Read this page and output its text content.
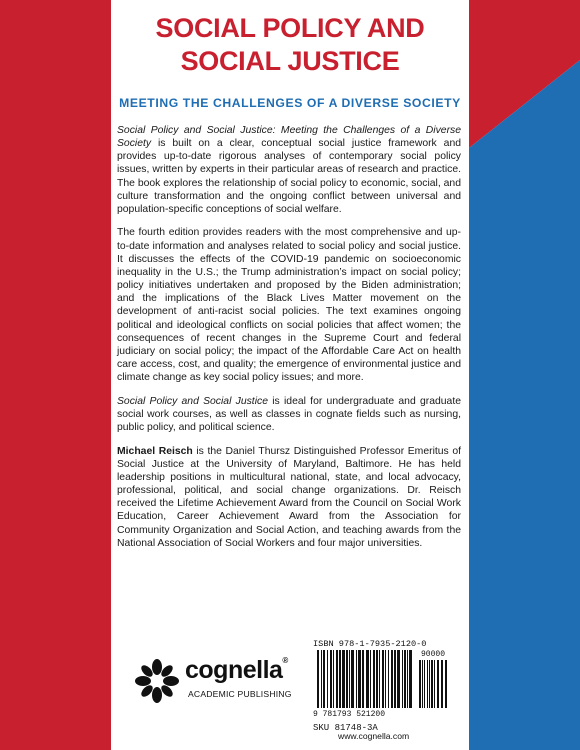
SOCIAL POLICY AND
SOCIAL JUSTICE
MEETING THE CHALLENGES OF A DIVERSE SOCIETY

Social Policy and Social Justice: Meeting the Challenges of a Diverse Society is built on a clear, conceptual social justice framework and provides up-to-date rigorous analyses of contemporary social policy issues, written by experts in their particular areas of research and practice. The book explores the relationship of social policy to economic, social, and culture transformation and the ongoing conflict between universal and population-specific conceptions of social welfare.

The fourth edition provides readers with the most comprehensive and up-to-date information and analyses related to social policy and social justice. It discusses the effects of the COVID-19 pandemic on socioeconomic inequality in the U.S.; the Trump administration’s impact on social policy; policy initiatives undertaken and proposed by the Biden administration; and the implications of the Black Lives Matter movement on the development of anti-racist social policies. The text examines ongoing political and ideological conflicts on social policies that affect women; the consequences of recent changes in the Supreme Court and federal judiciary on social policy; the impact of the Affordable Care Act on health care access, cost, and quality; the emergence of environmental justice and climate change as key social policy issues; and more.

Social Policy and Social Justice is ideal for undergraduate and graduate social work courses, as well as classes in cognate fields such as nursing, public policy, and political science.

Michael Reisch is the Daniel Thursz Distinguished Professor Emeritus of Social Justice at the University of Maryland, Baltimore. He has held leadership positions in multicultural national, state, and local advocacy, professional, political, and social change organizations. Dr. Reisch received the Lifetime Achievement Award from the Council on Social Work Education, Career Achievement Award from the Association for Community Organization and Social Action, and teaching awards from the National Association of Social Workers and four major universities.

cognella®
ACADEMIC PUBLISHING
ISBN 978-1-7935-2120-0
90000
9 781793 521200
SKU 81748-3A
www.cognella.com
